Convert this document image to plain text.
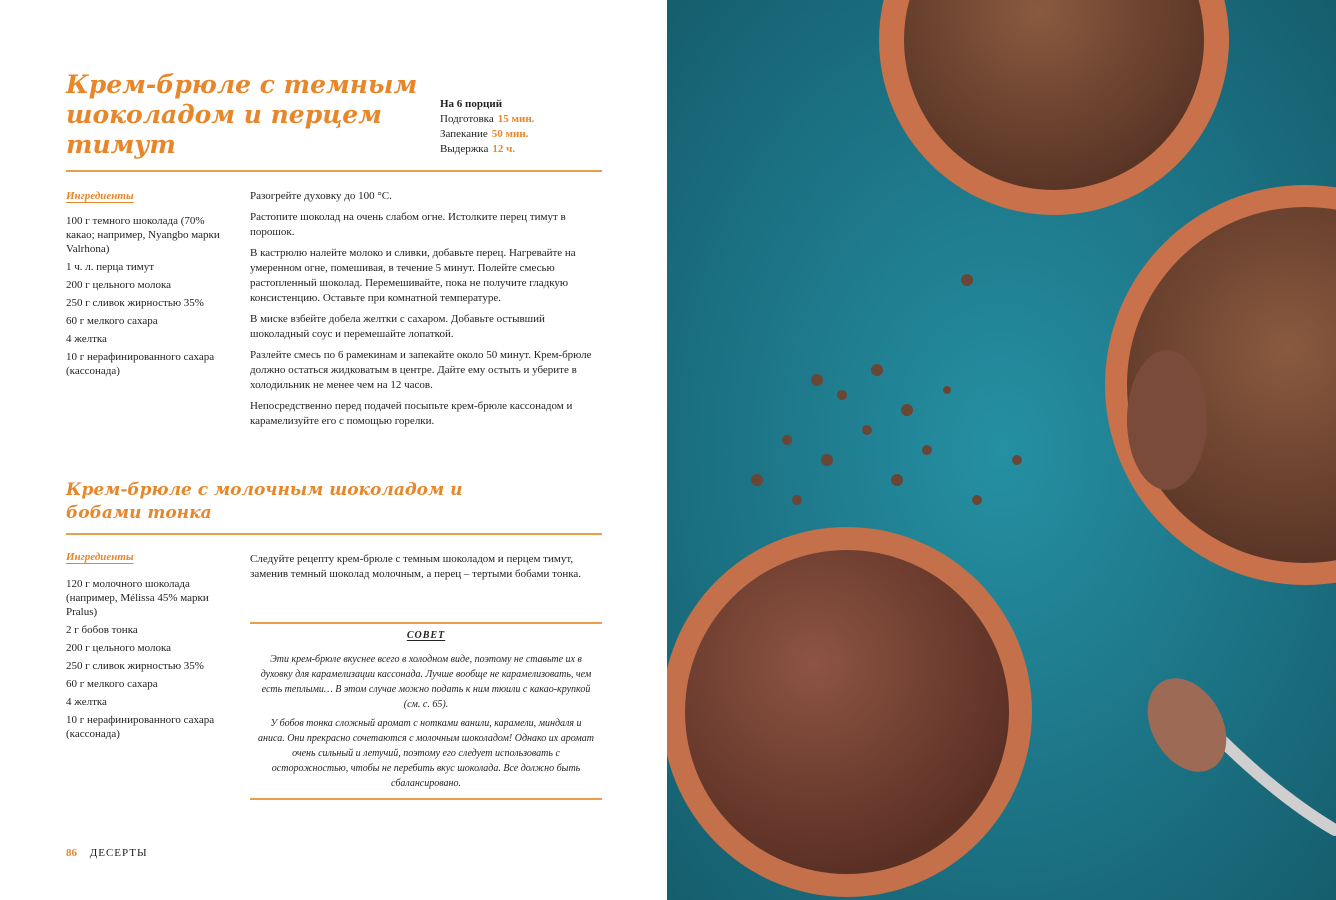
Крем-брюле с темным шоколадом и перцем тимут
На 6 порций
Подготовка 15 мин.
Запекание 50 мин.
Выдержка 12 ч.
Ингредиенты
100 г темного шоколада (70% какао; например, Nyangbo марки Valrhona)
1 ч. л. перца тимут
200 г цельного молока
250 г сливок жирностью 35%
60 г мелкого сахара
4 желтка
10 г нерафинированного сахара (кассонада)

Разогрейте духовку до 100 °С.

Растопите шоколад на очень слабом огне. Истолките перец тимут в порошок.

В кастрюлю налейте молоко и сливки, добавьте перец. Нагревайте на умеренном огне, помешивая, в течение 5 минут. Полейте смесью растопленный шоколад. Перемешивайте, пока не получите гладкую консистенцию. Оставьте при комнатной температуре.

В миске взбейте добела желтки с сахаром. Добавьте остывший шоколадный соус и перемешайте лопаткой.

Разлейте смесь по 6 рамекинам и запекайте около 50 минут. Крем-брюле должно остаться жидковатым в центре. Дайте ему остыть и уберите в холодильник не менее чем на 12 часов.

Непосредственно перед подачей посыпьте крем-брюле кассонадом и карамелизуйте его с помощью горелки.

Крем-брюле с молочным шоколадом и бобами тонка
Ингредиенты
120 г молочного шоколада (например, Mélissa 45% марки Pralus)
2 г бобов тонка
200 г цельного молока
250 г сливок жирностью 35%
60 г мелкого сахара
4 желтка
10 г нерафинированного сахара (кассонада)

Следуйте рецепту крем-брюле с темным шоколадом и перцем тимут, заменив темный шоколад молочным, а перец – тертыми бобами тонка.

СОВЕТ

Эти крем-брюле вкуснее всего в холодном виде, поэтому не ставьте их в духовку для карамелизации кассонада. Лучше вообще не карамелизовать, чем есть теплыми… В этом случае можно подать к ним тюили с какао-крупкой (см. с. 65).

У бобов тонка сложный аромат с нотками ванили, карамели, миндаля и аниса. Они прекрасно сочетаются с молочным шоколадом! Однако их аромат очень сильный и летучий, поэтому его следует использовать с осторожностью, чтобы не перебить вкус шоколада. Все должно быть сбалансировано.

86 ДЕСЕРТЫ
